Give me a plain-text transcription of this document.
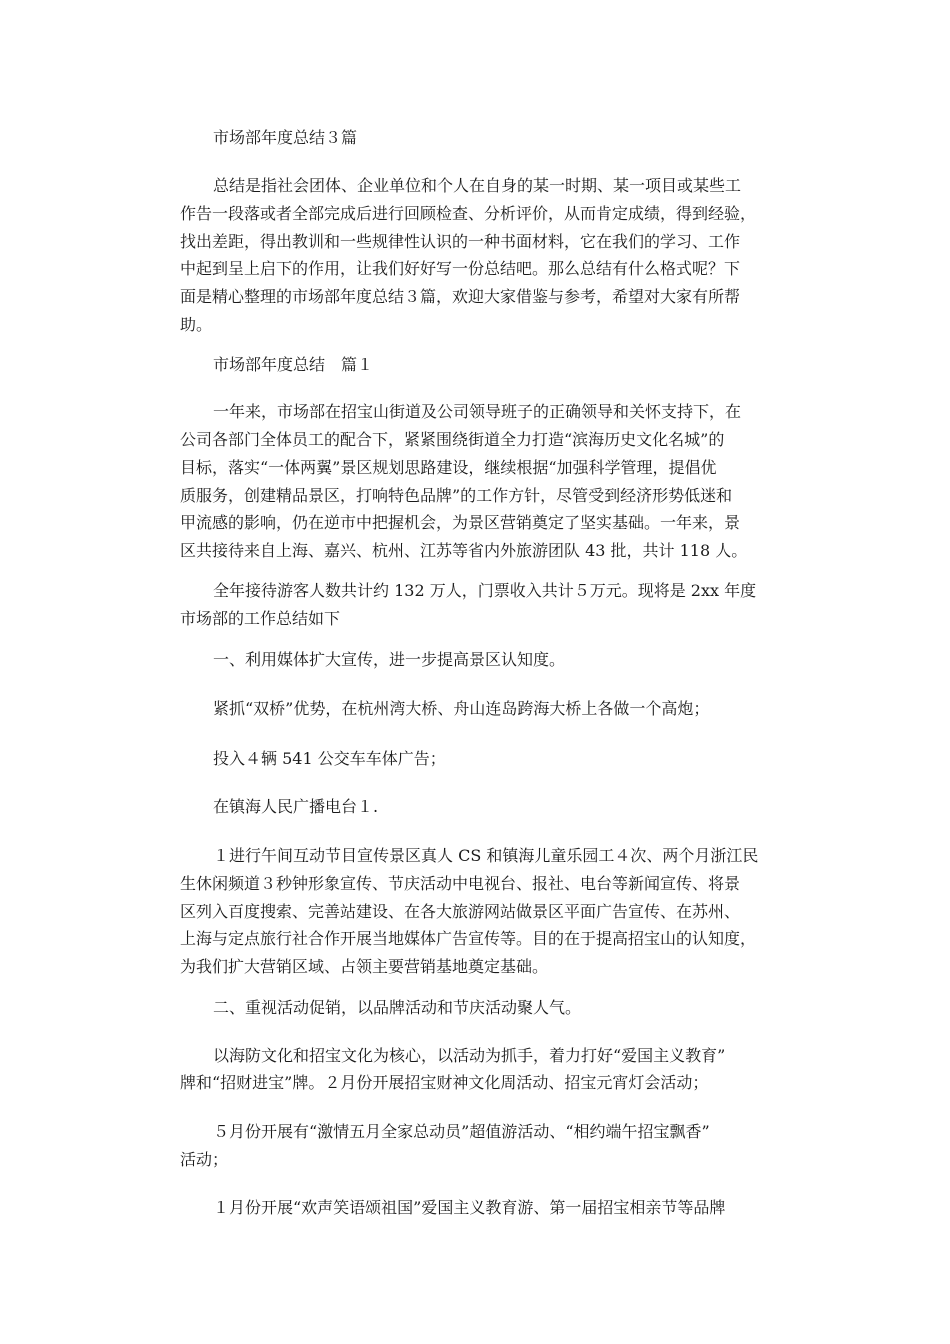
市场部年度总结３篇
总结是指社会团体、企业单位和个人在自身的某一时期、某一项目或某些工
作告一段落或者全部完成后进行回顾检查、分析评价，从而肯定成绩，得到经验，
找出差距，得出教训和一些规律性认识的一种书面材料，它在我们的学习、工作
中起到呈上启下的作用，让我们好好写一份总结吧。那么总结有什么格式呢？下
面是精心整理的市场部年度总结３篇，欢迎大家借鉴与参考，希望对大家有所帮
助。
市场部年度总结　篇１
一年来，市场部在招宝山街道及公司领导班子的正确领导和关怀支持下，在
公司各部门全体员工的配合下，紧紧围绕街道全力打造“滨海历史文化名城”的
目标，落实“一体两翼”景区规划思路建设，继续根据“加强科学管理，提倡优
质服务，创建精品景区，打响特色品牌”的工作方针，尽管受到经济形势低迷和
甲流感的影响，仍在逆市中把握机会，为景区营销奠定了坚实基础。一年来，景
区共接待来自上海、嘉兴、杭州、江苏等省内外旅游团队 43 批，共计 118 人。
全年接待游客人数共计约 132 万人，门票收入共计５万元。现将是 2xx 年度
市场部的工作总结如下
一、利用媒体扩大宣传，进一步提高景区认知度。
紧抓“双桥”优势，在杭州湾大桥、舟山连岛跨海大桥上各做一个高炮；
投入４辆 541 公交车车体广告；
在镇海人民广播电台１.
１进行午间互动节目宣传景区真人 CS 和镇海儿童乐园工４次、两个月浙江民
生休闲频道３秒钟形象宣传、节庆活动中电视台、报社、电台等新闻宣传、将景
区列入百度搜索、完善站建设、在各大旅游网站做景区平面广告宣传、在苏州、
上海与定点旅行社合作开展当地媒体广告宣传等。目的在于提高招宝山的认知度，
为我们扩大营销区域、占领主要营销基地奠定基础。
二、重视活动促销，以品牌活动和节庆活动聚人气。
以海防文化和招宝文化为核心，以活动为抓手，着力打好“爱国主义教育”
牌和“招财进宝”牌。２月份开展招宝财神文化周活动、招宝元宵灯会活动；
５月份开展有“激情五月全家总动员”超值游活动、“相约端午招宝飘香”
活动；
１月份开展“欢声笑语颂祖国”爱国主义教育游、第一届招宝相亲节等品牌
